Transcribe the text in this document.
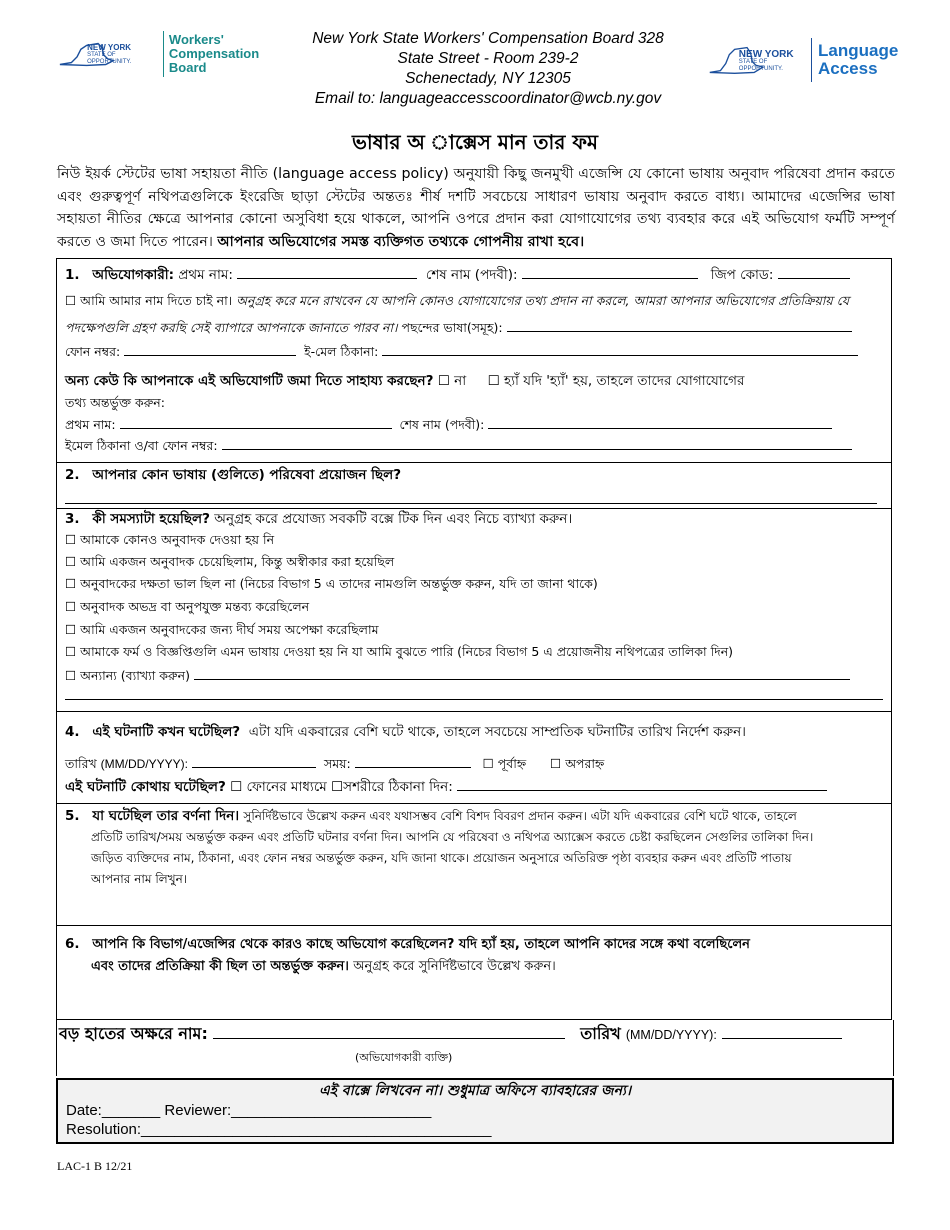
NEW YORK
STATE OF OPPORTUNITY.
Workers' Compensation Board
New York State Workers' Compensation Board 328
State Street - Room 239-2
Schenectady, NY 12305
Email to: languageaccesscoordinator@wcb.ny.gov
NEW YORK
STATE OF OPPORTUNITY.
Language Access
ভাষার অ াক্সেস মান তার ফম
নিউ ইয়র্ক স্টেটের ভাষা সহায়তা নীতি (language access policy) অনুযায়ী কিছু জনমুখী এজেন্সি যে কোনো ভাষায় অনুবাদ পরিষেবা প্রদান করতে এবং গুরুত্বপূর্ণ নথিপত্রগুলিকে ইংরেজি ছাড়া স্টেটের অন্ততঃ শীর্ষ দশটি সবচেয়ে সাধারণ ভাষায় অনুবাদ করতে বাধ্য। আমাদের এজেন্সির ভাষা সহায়তা নীতির ক্ষেত্রে আপনার কোনো অসুবিধা হয়ে থাকলে, আপনি ওপরে প্রদান করা যোগাযোগের তথ্য ব্যবহার করে এই অভিযোগ ফর্মটি সম্পূর্ণ করতে ও জমা দিতে পারেন। আপনার অভিযোগের সমস্ত ব্যক্তিগত তথ্যকে গোপনীয় রাখা হবে।
1. অভিযোগকারী: প্রথম নাম:	শেষ নাম (পদবী):	জিপ কোড:
☐ আমি আমার নাম দিতে চাই না। অনুগ্রহ করে মনে রাখবেন যে আপনি কোনও যোগাযোগের তথ্য প্রদান না করলে, আমরা আপনার অভিযোগের প্রতিক্রিয়ায় যে
পদক্ষেপগুলি গ্রহণ করছি সেই ব্যাপারে আপনাকে জানাতে পারব না। পছন্দের ভাষা(সমূহ):
ফোন নম্বর:	ই-মেল ঠিকানা:
অন্য কেউ কি আপনাকে এই অভিযোগটি জমা দিতে সাহায্য করছেন? ☐ না ☐ হ্যাঁ যদি 'হ্যাঁ' হয়, তাহলে তাদের যোগাযোগের
তথ্য অন্তর্ভুক্ত করুন:
প্রথম নাম:	শেষ নাম (পদবী):
ইমেল ঠিকানা ও/বা ফোন নম্বর:
2. আপনার কোন ভাষায় (গুলিতে) পরিষেবা প্রয়োজন ছিল?
3. কী সমস্যাটা হয়েছিল? অনুগ্রহ করে প্রযোজ্য সবকটি বক্সে টিক দিন এবং নিচে ব্যাখ্যা করুন।
☐ আমাকে কোনও অনুবাদক দেওয়া হয় নি
☐ আমি একজন অনুবাদক চেয়েছিলাম, কিন্তু অস্বীকার করা হয়েছিল
☐ অনুবাদকের দক্ষতা ভাল ছিল না (নিচের বিভাগ 5 এ তাদের নামগুলি অন্তর্ভুক্ত করুন, যদি তা জানা থাকে)
☐ অনুবাদক অভদ্র বা অনুপযুক্ত মন্তব্য করেছিলেন
☐ আমি একজন অনুবাদকের জন্য দীর্ঘ সময় অপেক্ষা করেছিলাম
☐ আমাকে ফর্ম ও বিজ্ঞপ্তিগুলি এমন ভাষায় দেওয়া হয় নি যা আমি বুঝতে পারি (নিচের বিভাগ 5 এ প্রয়োজনীয় নথিপত্রের তালিকা দিন)
☐ অন্যান্য (ব্যাখ্যা করুন)
4. এই ঘটনাটি কখন ঘটেছিল? এটা যদি একবারের বেশি ঘটে থাকে, তাহলে সবচেয়ে সাম্প্রতিক ঘটনাটির তারিখ নির্দেশ করুন।
তারিখ (MM/DD/YYYY):	সময়:	☐ পূর্বাহ্ন ☐ অপরাহ্ন
এই ঘটনাটি কোথায় ঘটেছিল? ☐ ফোনের মাধ্যমে ☐সশরীরে ঠিকানা দিন:
5. যা ঘটেছিল তার বর্ণনা দিন। সুনির্দিষ্টভাবে উল্লেখ করুন এবং যথাসম্ভব বেশি বিশদ বিবরণ প্রদান করুন। এটা যদি একবারের বেশি ঘটে থাকে, তাহলে
প্রতিটি তারিখ/সময় অন্তর্ভুক্ত করুন এবং প্রতিটি ঘটনার বর্ণনা দিন। আপনি যে পরিষেবা ও নথিপত্র অ্যাক্সেস করতে চেষ্টা করছিলেন সেগুলির তালিকা দিন।
জড়িত ব্যক্তিদের নাম, ঠিকানা, এবং ফোন নম্বর অন্তর্ভুক্ত করুন, যদি জানা থাকে। প্রয়োজন অনুসারে অতিরিক্ত পৃষ্ঠা ব্যবহার করুন এবং প্রতিটি পাতায়
আপনার নাম লিখুন।
6. আপনি কি বিভাগ/এজেন্সির থেকে কারও কাছে অভিযোগ করেছিলেন? যদি হ্যাঁ হয়, তাহলে আপনি কাদের সঙ্গে কথা বলেছিলেন
এবং তাদের প্রতিক্রিয়া কী ছিল তা অন্তর্ভুক্ত করুন। অনুগ্রহ করে সুনির্দিষ্টভাবে উল্লেখ করুন।
বড় হাতের অক্ষরে নাম:	তারিখ (MM/DD/YYYY):
(অভিযোগকারী ব্যক্তি)
এই বাক্সে লিখবেন না। শুধুমাত্র অফিসে ব্যাবহারের জন্য।
Date:_______ Reviewer:________________________
Resolution:__________________________________________
LAC-1 B 12/21
